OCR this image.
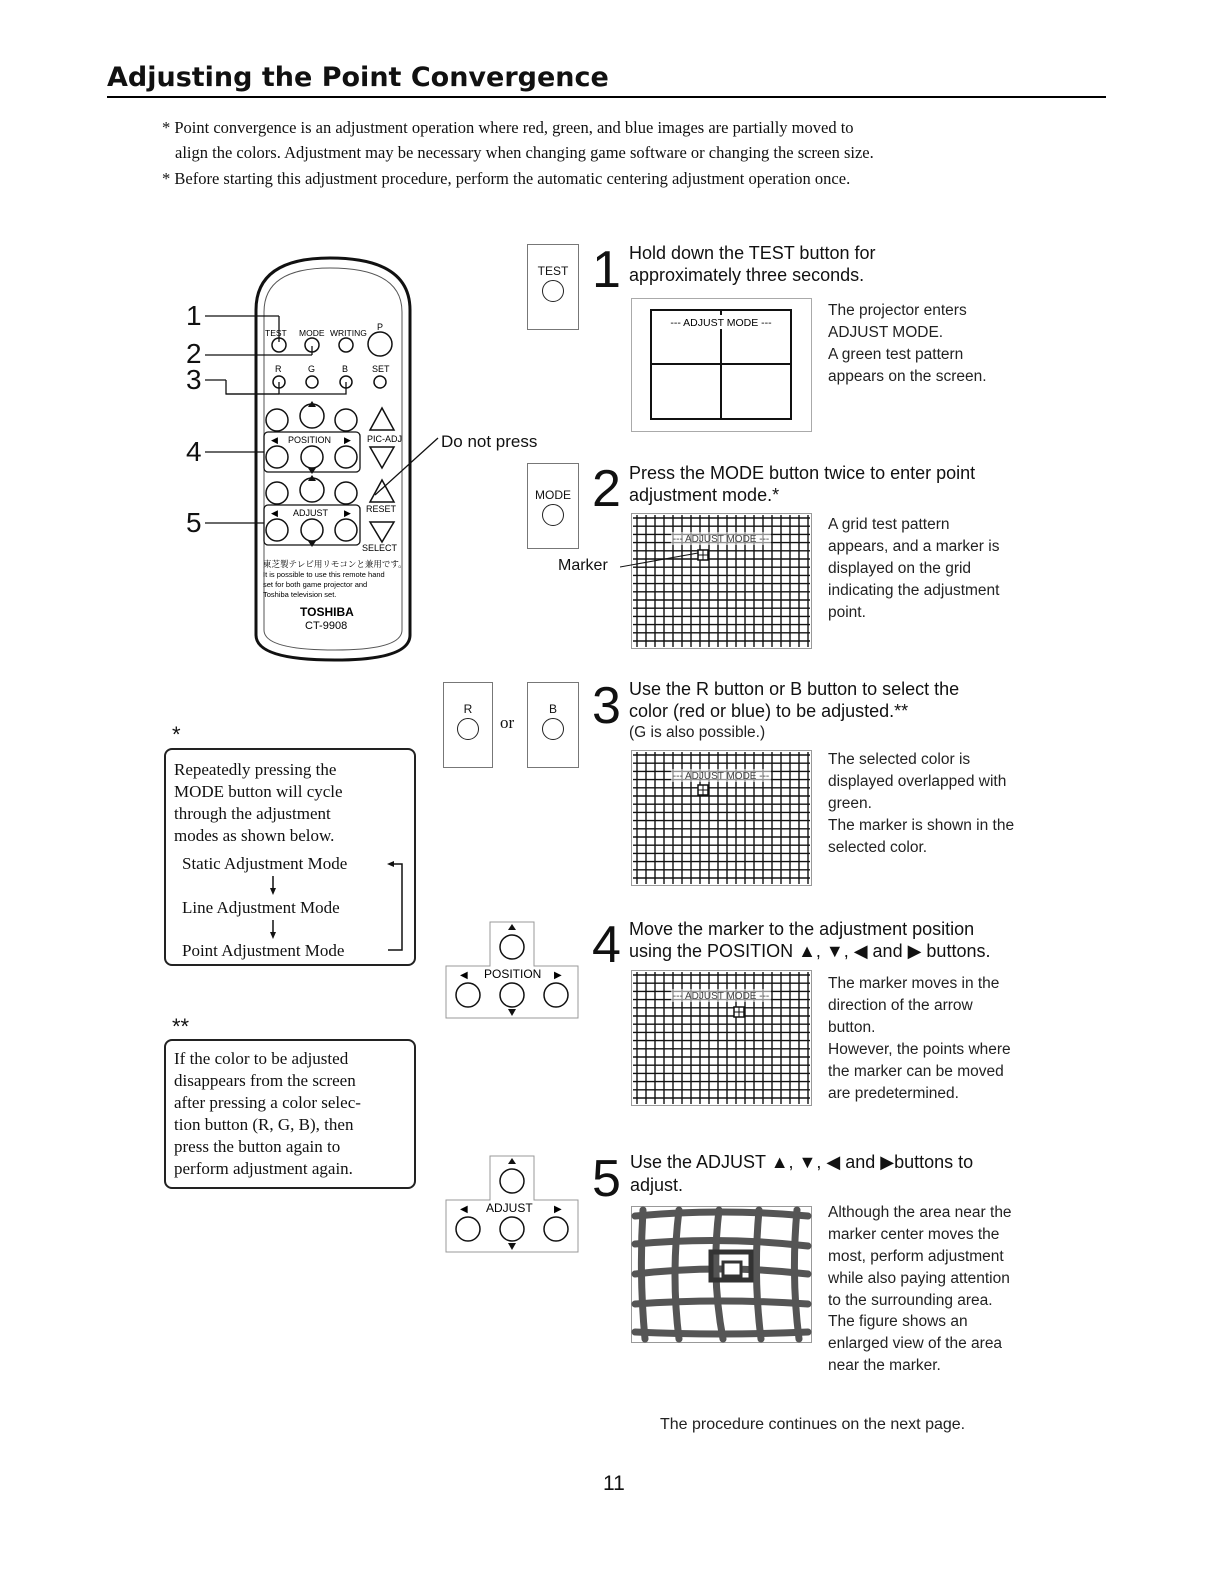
Adjusting the Point Convergence
* Point convergence is an adjustment operation where red, green, and blue images are partially moved to
align the colors. Adjustment may be necessary when changing game software or changing the screen size.
* Before starting this adjustment procedure, perform the automatic centering adjustment operation once.
TEST MODE WRITING
P
R	G	B	SET
POSITION
◀	▶ PIC-ADJ
ADJUST
◀	▶ RESET
SELECT
東芝製テレビ用リモコンと兼用です。
It is possible to use this remote hand
set for both game projector and
Toshiba television set.
TOSHIBA
CT-9908
1
2
3
4
5
Do not press
*
Repeatedly pressing the
MODE button will cycle
through the adjustment
modes as shown below.
Static Adjustment Mode
Line Adjustment Mode
Point Adjustment Mode
**
If the color to be adjusted
disappears from the screen
after pressing a color selec-
tion button (R, G, B), then
press the button again to
perform adjustment again.
TEST
MODE
R
or
B
◀	▶
POSITION
◀	▶
ADJUST
--- ADJUST MODE ---
--- ADJUST MODE ---
Marker
--- ADJUST MODE ---
--- ADJUST MODE ---
1 Hold down the TEST button for
approximately three seconds.
The projector enters
ADJUST MODE.
A green test pattern
appears on the screen.
2 Press the MODE button twice to enter point
adjustment mode.*
A grid test pattern
appears, and a marker is
displayed on the grid
indicating the adjustment
point.
3 Use the R button or B button to select the
color (red or blue) to be adjusted.**
(G is also possible.)
The selected color is
displayed overlapped with
green.
The marker is shown in the
selected color.
4 Move the marker to the adjustment position
using the POSITION ▲, ▼, ◀ and ▶ buttons.
The marker moves in the
direction of the arrow
button.
However, the points where
the marker can be moved
are predetermined.
5 Use the ADJUST ▲, ▼, ◀ and ▶buttons to
adjust.
Although the area near the
marker center moves the
most, perform adjustment
while also paying attention
to the surrounding area.
The figure shows an
enlarged view of the area
near the marker.
The procedure continues on the next page.
11
